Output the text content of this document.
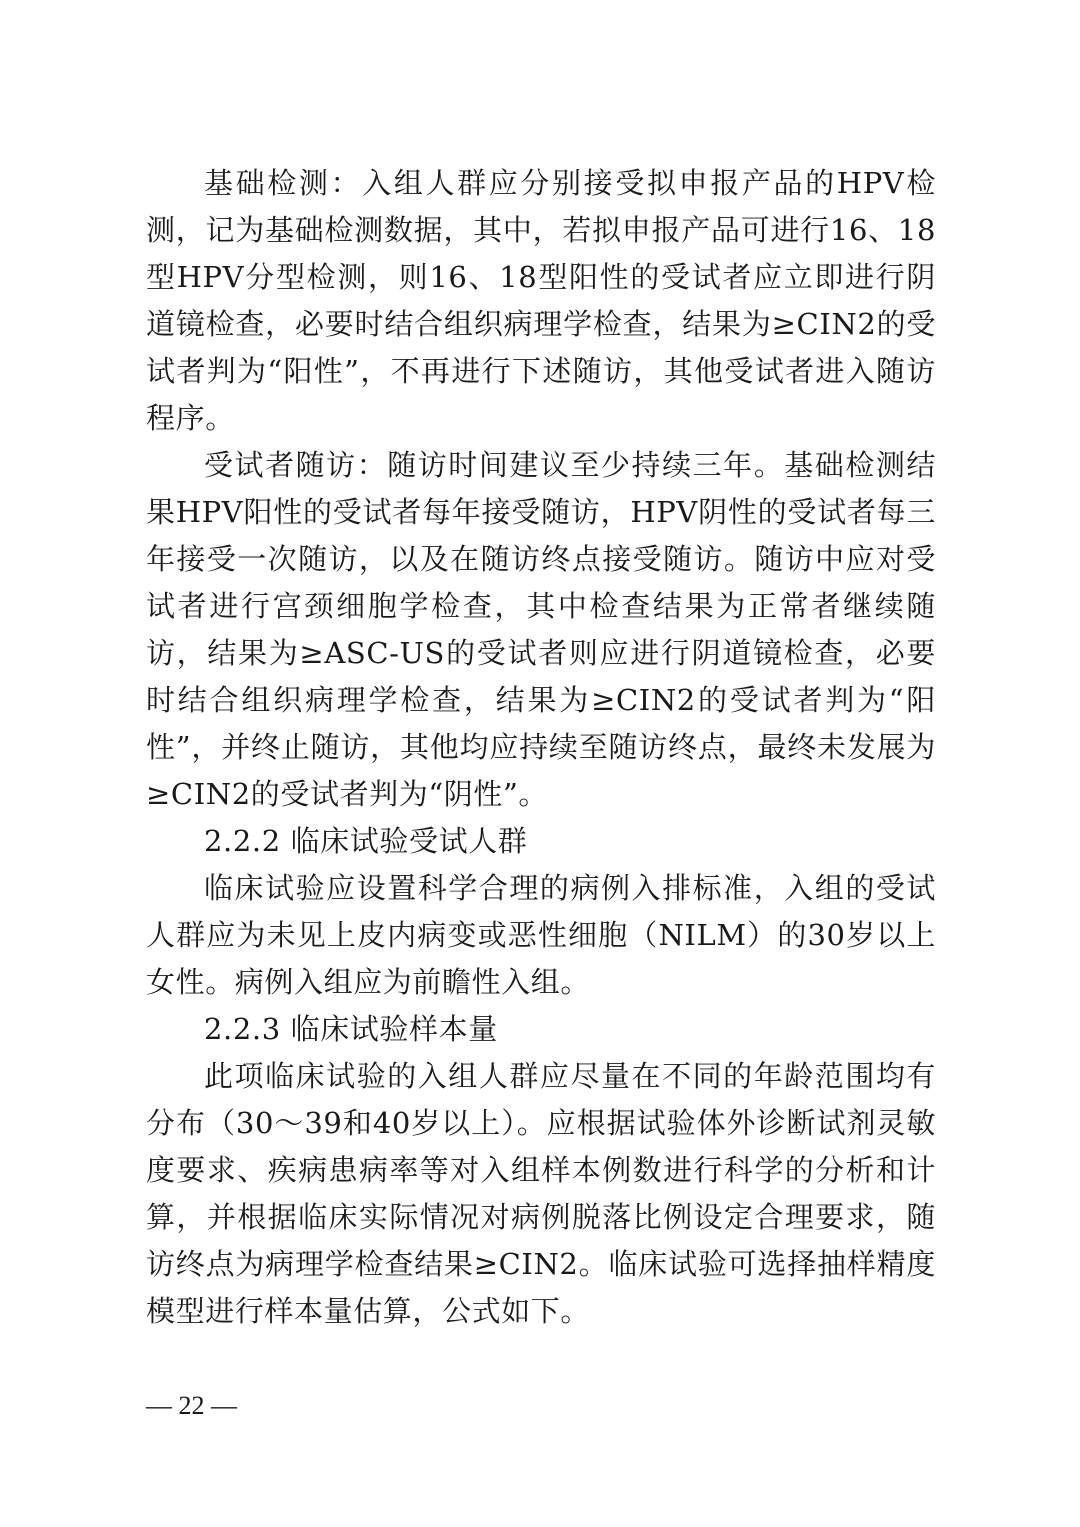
基础检测：入组人群应分别接受拟申报产品的HPV检测，记为基础检测数据，其中，若拟申报产品可进行16、18型HPV分型检测，则16、18型阳性的受试者应立即进行阴道镜检查，必要时结合组织病理学检查，结果为≥CIN2的受试者判为“阳性”，不再进行下述随访，其他受试者进入随访程序。

受试者随访：随访时间建议至少持续三年。基础检测结果HPV阳性的受试者每年接受随访，HPV阴性的受试者每三年接受一次随访，以及在随访终点接受随访。随访中应对受试者进行宫颈细胞学检查，其中检查结果为正常者继续随访，结果为≥ASC-US的受试者则应进行阴道镜检查，必要时结合组织病理学检查，结果为≥CIN2的受试者判为“阳性”，并终止随访，其他均应持续至随访终点，最终未发展为≥CIN2的受试者判为“阴性”。

2.2.2 临床试验受试人群

临床试验应设置科学合理的病例入排标准，入组的受试人群应为未见上皮内病变或恶性细胞（NILM）的30岁以上女性。病例入组应为前瞻性入组。

2.2.3 临床试验样本量

此项临床试验的入组人群应尽量在不同的年龄范围均有分布（30～39和40岁以上）。应根据试验体外诊断试剂灵敏度要求、疾病患病率等对入组样本例数进行科学的分析和计算，并根据临床实际情况对病例脱落比例设定合理要求，随访终点为病理学检查结果≥CIN2。临床试验可选择抽样精度模型进行样本量估算，公式如下。

— 22 —
